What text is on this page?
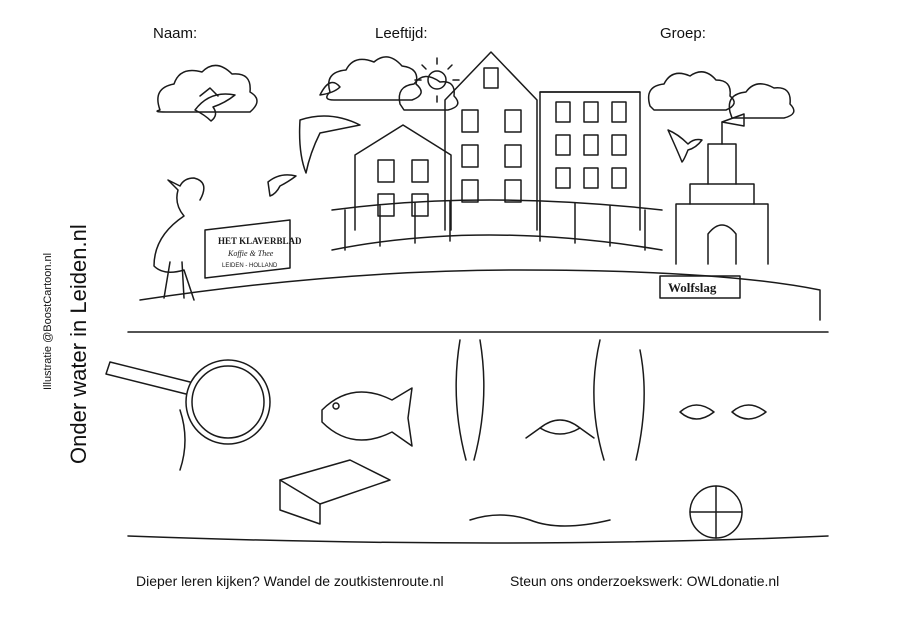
Naam:	Leeftijd:	Groep:
Onder water in Leiden.nl
Illustratie @BoostCartoon.nl
HET KLAVERBLAD
Koffie & Thee
LEIDEN - HOLLAND
Wolfslag
Dieper leren kijken? Wandel de zoutkistenroute.nl	Steun ons onderzoekswerk: OWLdonatie.nl
